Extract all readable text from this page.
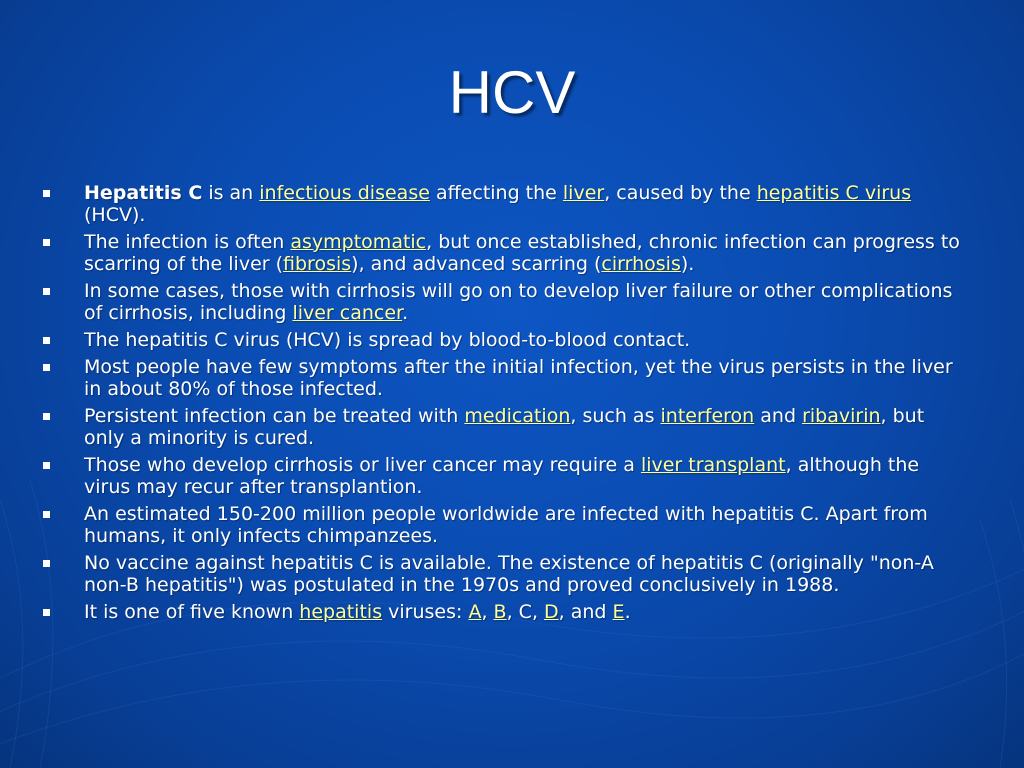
HCV
Hepatitis C is an infectious disease affecting the liver, caused by the hepatitis C virus (HCV).
The infection is often asymptomatic, but once established, chronic infection can progress to scarring of the liver (fibrosis), and advanced scarring (cirrhosis).
In some cases, those with cirrhosis will go on to develop liver failure or other complications of cirrhosis, including liver cancer.
The hepatitis C virus (HCV) is spread by blood-to-blood contact.
Most people have few symptoms after the initial infection, yet the virus persists in the liver in about 80% of those infected.
Persistent infection can be treated with medication, such as interferon and ribavirin, but only a minority is cured.
Those who develop cirrhosis or liver cancer may require a liver transplant, although the virus may recur after transplantion.
An estimated 150-200 million people worldwide are infected with hepatitis C. Apart from humans, it only infects chimpanzees.
No vaccine against hepatitis C is available. The existence of hepatitis C (originally "non-A non-B hepatitis") was postulated in the 1970s and proved conclusively in 1988.
It is one of five known hepatitis viruses: A, B, C, D, and E.
